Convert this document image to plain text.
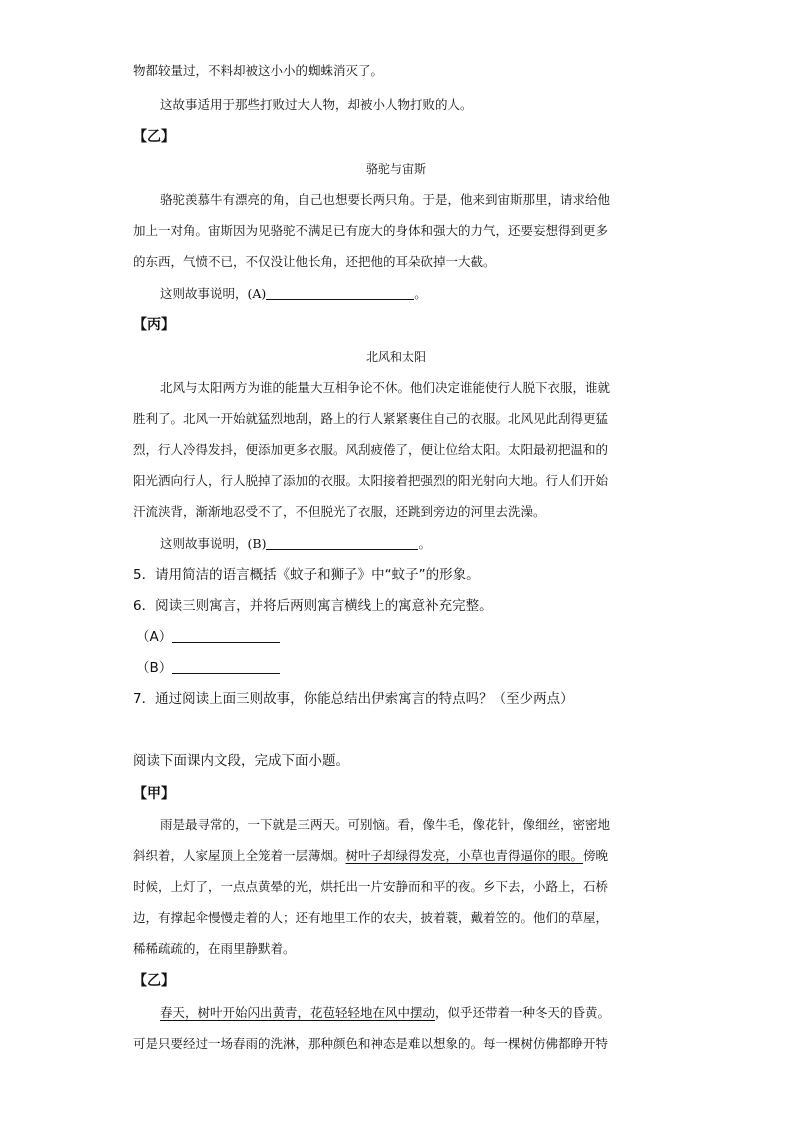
物都较量过，不料却被这小小的蜘蛛消灭了。
这故事适用于那些打败过大人物，却被小人物打败的人。
【乙】
骆驼与宙斯
骆驼羡慕牛有漂亮的角，自己也想要长两只角。于是，他来到宙斯那里，请求给他
加上一对角。宙斯因为见骆驼不满足已有庞大的身体和强大的力气，还要妄想得到更多
的东西，气愤不已，不仅没让他长角，还把他的耳朵砍掉一大截。
这则故事说明，(A)	。
【丙】
北风和太阳
北风与太阳两方为谁的能量大互相争论不休。他们决定谁能使行人脱下衣服，谁就
胜利了。北风一开始就猛烈地刮，路上的行人紧紧裹住自己的衣服。北风见此刮得更猛
烈，行人冷得发抖，便添加更多衣服。风刮疲倦了，便让位给太阳。太阳最初把温和的
阳光洒向行人，行人脱掉了添加的衣服。太阳接着把强烈的阳光射向大地。行人们开始
汗流浃背，渐渐地忍受不了，不但脱光了衣服，还跳到旁边的河里去洗澡。
这则故事说明，(B)	。
5．请用简洁的语言概括《蚊子和狮子》中“蚊子”的形象。
6．阅读三则寓言，并将后两则寓言横线上的寓意补充完整。
（A）
（B）
7．通过阅读上面三则故事，你能总结出伊索寓言的特点吗？（至少两点）
阅读下面课内文段，完成下面小题。
【甲】
雨是最寻常的，一下就是三两天。可别恼。看，像牛毛，像花针，像细丝，密密地
斜织着，人家屋顶上全笼着一层薄烟。树叶子却绿得发亮，小草也青得逼你的眼。傍晚
时候，上灯了，一点点黄晕的光，烘托出一片安静而和平的夜。乡下去，小路上，石桥
边，有撑起伞慢慢走着的人；还有地里工作的农夫，披着蓑，戴着笠的。他们的草屋，
稀稀疏疏的，在雨里静默着。
【乙】
春天，树叶开始闪出黄青，花苞轻轻地在风中摆动，似乎还带着一种冬天的昏黄。
可是只要经过一场春雨的洗淋，那种颜色和神态是难以想象的。每一棵树仿佛都睁开特
